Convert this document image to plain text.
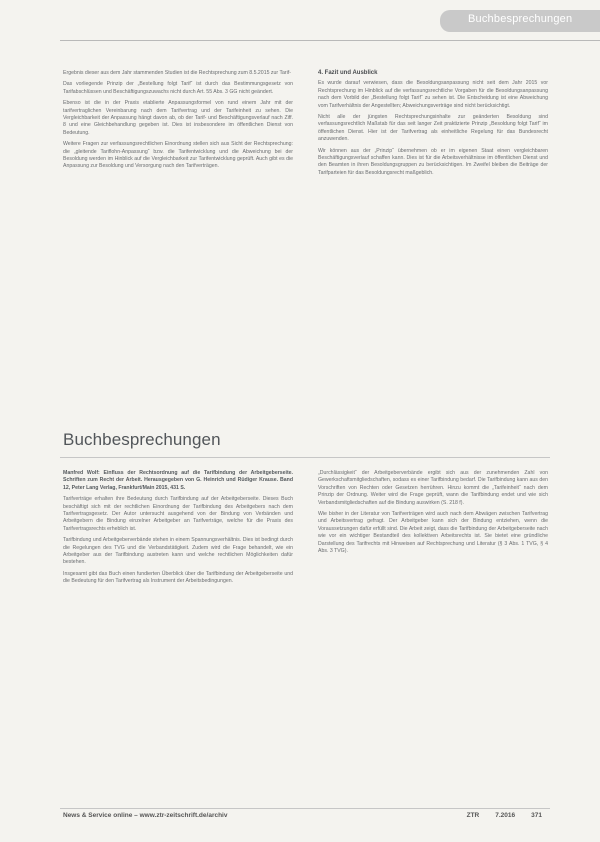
Buchbesprechungen

Ergebnis dieser aus dem Jahr stammenden Studien ist die Rechtsprechung zum 8.5.2015 zur Tarif-

Das vorliegende Prinzip der „Bestellung folgt Tarif“ ist durch das Bestimmungsgesetz von Tarifabschlüssen und Beschäftigungszuwachs nicht durch Art. 55 Abs. 3 GG nicht geändert.

Ebenso ist die in der Praxis etablierte Anpassungsformel von rund einem Jahr mit der tarifvertraglichen Vereinbarung nach dem Tarifvertrag und der Tarifeinheit zu sehen. Die Vergleichbarkeit der Anpassung hängt davon ab, ob der Tarif- und Beschäftigungsverlauf nach Ziff. 8 und eine Gleichbehandlung gegeben ist. Dies ist insbesondere im öffentlichen Dienst von Bedeutung.

Weitere Fragen zur verfassungsrechtlichen Einordnung stellen sich aus Sicht der Rechtsprechung: die „gleitende Tariflohn-Anpassung“ bzw. die Tarifentwicklung und die Abweichung bei der Besoldung werden im Hinblick auf die Vergleichbarkeit zur Tarifentwicklung geprüft. Auch gibt es die Anpassung zur Besoldung und Versorgung nach den Tarifverträgen.

4. Fazit und Ausblick

Es wurde darauf verwiesen, dass die Besoldungsanpassung nicht seit dem Jahr 2015 vor Rechtsprechung im Hinblick auf die verfassungsrechtliche Vorgaben für die Besoldungsanpassung nach dem Vorbild der „Bestellung folgt Tarif“ zu sehen ist. Die Entscheidung ist eine Abweichung vom Tarifverhältnis der Angestellten; Abweichungsverträge sind nicht berücksichtigt.

Nicht alle der jüngsten Rechtsprechungsinhalte zur geänderten Besoldung sind verfassungsrechtlich Maßstab für das seit langer Zeit praktizierte Prinzip „Besoldung folgt Tarif“ im öffentlichen Dienst. Hier ist der Tarifvertrag als einheitliche Regelung für das Bundesrecht anzuwenden.

Wir können aus der „Prinzip“ übernehmen ob er im eigenen Staat einen vergleichbaren Beschäftigungsverlauf schaffen kann. Dies ist für die Arbeitsverhältnisse im öffentlichen Dienst und den Beamten in ihren Besoldungsgruppen zu berücksichtigen. Im Zweifel bleiben die Beiträge der Tarifparteien für das Besoldungsrecht maßgeblich.

Buchbesprechungen

Manfred Wolf: Einfluss der Rechtsordnung auf die Tarifbindung der Arbeitgeberseite. Schriften zum Recht der Arbeit. Herausgegeben von G. Heinrich und Rüdiger Krause. Band 12, Peter Lang Verlag, Frankfurt/Main 2015, 431 S.

Tarifverträge erhalten ihre Bedeutung durch Tarifbindung auf der Arbeitgeberseite. Dieses Buch beschäftigt sich mit der rechtlichen Einordnung der Tarifbindung des Arbeitgebers nach dem Tarifvertragsgesetz. Der Autor untersucht ausgehend von der Bindung von Verbänden und Arbeitgebern die Bindung einzelner Arbeitgeber an Tarifverträge, welche für die Praxis des Tarifvertragsrechts erheblich ist.

Tarifbindung und Arbeitgeberverbände stehen in einem Spannungsverhältnis. Dies ist bedingt durch die Regelungen des TVG und die Verbandstätigkeit. Zudem wird die Frage behandelt, wie ein Arbeitgeber aus der Tarifbindung austreten kann und welche rechtlichen Möglichkeiten dafür bestehen.

Insgesamt gibt das Buch einen fundierten Überblick über die Tarifbindung der Arbeitgeberseite und die Bedeutung für den Tarifvertrag als Instrument der Arbeitsbedingungen.

„Durchlässigkeit“ der Arbeitgeberverbände ergibt sich aus der zunehmenden Zahl von Gewerkschaftsmitgliedschaften, sodass es einer Tarifbindung bedarf. Die Tarifbindung kann aus den Vorschriften von Rechten oder Gesetzen herrühren. Hinzu kommt die „Tarifeinheit“ nach dem Prinzip der Ordnung. Weiter wird die Frage geprüft, wann die Tarifbindung endet und wie sich Verbandsmitgliedschaften auf die Bindung auswirken (S. 218 f).

Wie bisher in der Literatur von Tarifverträgen wird auch nach dem Abwägen zwischen Tarifvertrag und Arbeitsvertrag gefragt. Der Arbeitgeber kann sich der Bindung entziehen, wenn die Voraussetzungen dafür erfüllt sind. Die Arbeit zeigt, dass die Tarifbindung der Arbeitgeberseite nach wie vor ein wichtiger Bestandteil des kollektiven Arbeitsrechts ist. Sie bietet eine gründliche Darstellung des Tarifrechts mit Hinweisen auf Rechtsprechung und Literatur (§ 3 Abs. 1 TVG, § 4 Abs. 3 TVG).

News & Service online – www.ztr-zeitschrift.de/archiv	ZTR 7.2016 371
